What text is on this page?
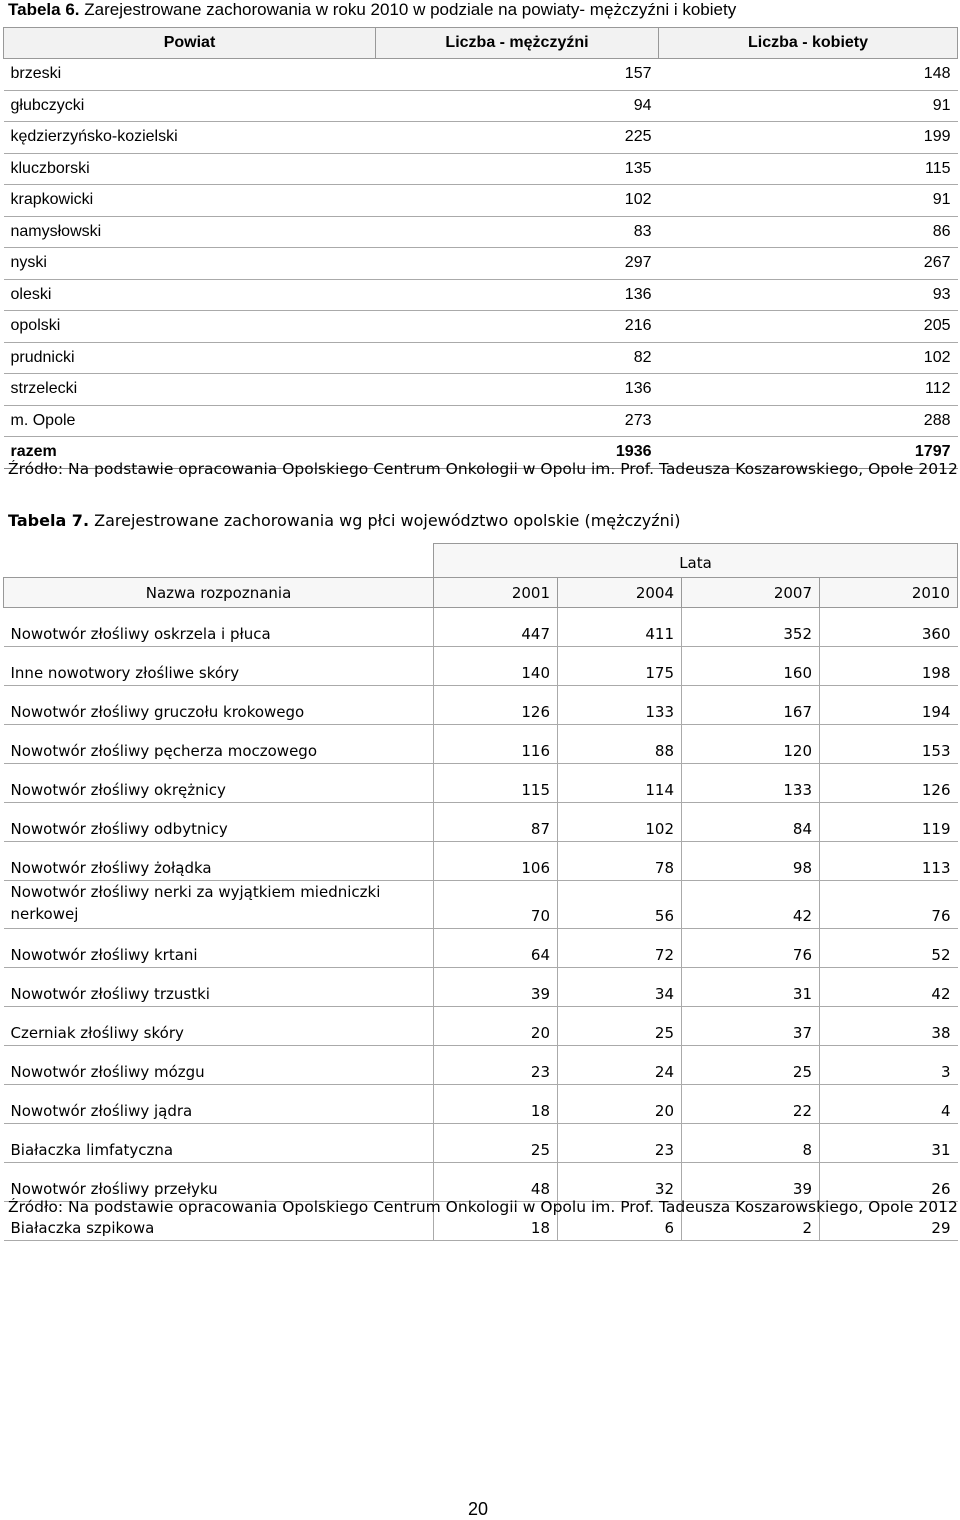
Tabela 6. Zarejestrowane zachorowania w roku 2010 w podziale na powiaty- mężczyźni i kobiety
Powiat	Liczba - mężczyźni	Liczba - kobiety
brzeski	157	148
głubczycki	94	91
kędzierzyńsko-kozielski	225	199
kluczborski	135	115
krapkowicki	102	91
namysłowski	83	86
nyski	297	267
oleski	136	93
opolski	216	205
prudnicki	82	102
strzelecki	136	112
m. Opole	273	288
razem	1936	1797
Źródło: Na podstawie opracowania Opolskiego Centrum Onkologii w Opolu im. Prof. Tadeusza Koszarowskiego, Opole 2012
Tabela 7. Zarejestrowane zachorowania wg płci województwo opolskie (mężczyźni)
	Lata			
Nazwa rozpoznania	2001	2004	2007	2010
Nowotwór złośliwy oskrzela i płuca	447	411	352	360
Inne nowotwory złośliwe skóry	140	175	160	198
Nowotwór złośliwy gruczołu krokowego	126	133	167	194
Nowotwór złośliwy pęcherza moczowego	116	88	120	153
Nowotwór złośliwy okrężnicy	115	114	133	126
Nowotwór złośliwy odbytnicy	87	102	84	119
Nowotwór złośliwy żołądka	106	78	98	113
Nowotwór złośliwy nerki za wyjątkiem miedniczki nerkowej	70	56	42	76
Nowotwór złośliwy krtani	64	72	76	52
Nowotwór złośliwy trzustki	39	34	31	42
Czerniak złośliwy skóry	20	25	37	38
Nowotwór złośliwy mózgu	23	24	25	3
Nowotwór złośliwy jądra	18	20	22	4
Białaczka limfatyczna	25	23	8	31
Nowotwór złośliwy przełyku	48	32	39	26
Białaczka szpikowa	18	6	2	29
Źródło: Na podstawie opracowania Opolskiego Centrum Onkologii w Opolu im. Prof. Tadeusza Koszarowskiego, Opole 2012
20
